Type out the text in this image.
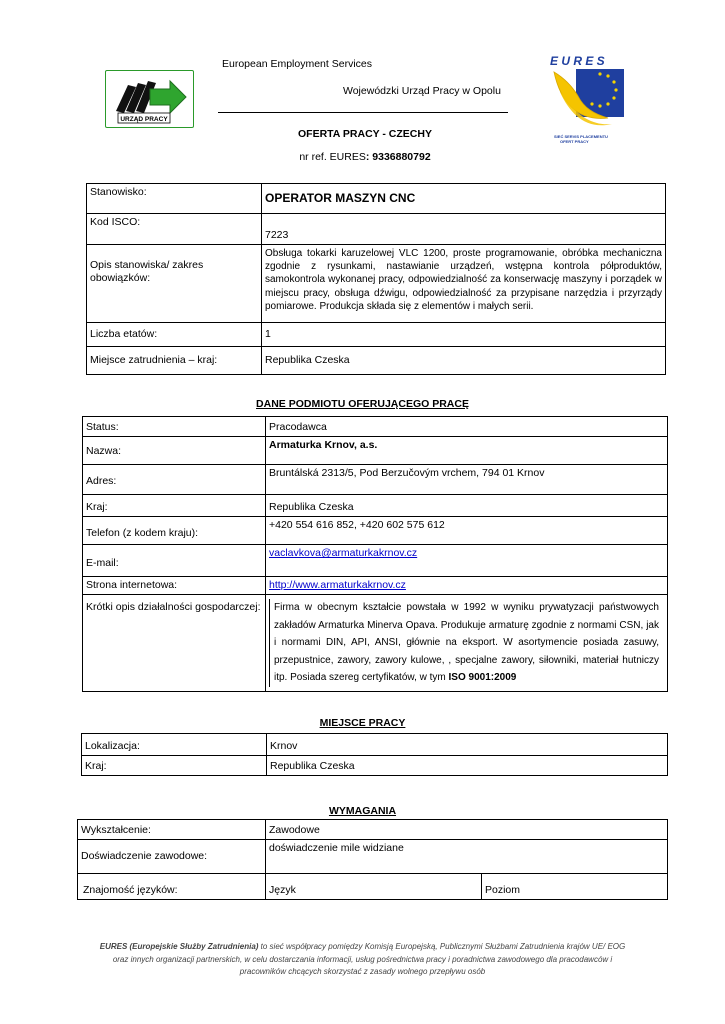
URZĄD PRACY
European Employment Services
Wojewódzki Urząd Pracy w Opolu
E U R E S
SIEĆ SERVIS PLACEMENTU
OFERT PRACY
OFERTA PRACY - CZECHY
nr ref. EURES: 9336880792
Stanowisko:	OPERATOR MASZYN CNC
Kod ISCO:	7223
Opis stanowiska/ zakres obowiązków:	Obsługa tokarki karuzelowej VLC 1200, proste programowanie, obróbka mechaniczna zgodnie z rysunkami, nastawianie urządzeń, wstępna kontrola półproduktów, samokontrola wykonanej pracy, odpowiedzialność za konserwację maszyny i porządek w miejscu pracy, obsługa dźwigu, odpowiedzialność za przypisane narzędzia i przyrządy pomiarowe. Produkcja składa się z elementów i małych serii.
Liczba etatów:	1
Miejsce zatrudnienia – kraj:	Republika Czeska
DANE PODMIOTU OFERUJĄCEGO PRACĘ
Status:	Pracodawca
Nazwa:	Armaturka Krnov, a.s.
Adres:	Bruntálská 2313/5, Pod Berzučovým vrchem, 794 01 Krnov
Kraj:	Republika Czeska
Telefon (z kodem kraju):	+420 554 616 852, +420 602 575 612
E-mail:	vaclavkova@armaturkakrnov.cz
Strona internetowa:	http://www.armaturkakrnov.cz
Krótki opis działalności gospodarczej:	Firma w obecnym kształcie powstała w 1992 w wyniku prywatyzacji państwowych zakładów Armaturka Minerva Opava. Produkuje armaturę zgodnie z normami CSN, jak i normami DIN, API, ANSI, głównie na eksport. W asortymencie posiada zasuwy, przepustnice, zawory, zawory kulowe, , specjalne zawory, siłowniki, materiał hutniczy itp. Posiada szereg certyfikatów, w tym ISO 9001:2009
MIEJSCE PRACY
Lokalizacja:	Krnov
Kraj:	Republika Czeska
WYMAGANIA
Wykształcenie:	Zawodowe	
Doświadczenie zawodowe:	doświadczenie mile widziane	

Znajomość języków:	Język	Poziom
EURES (Europejskie Służby Zatrudnienia) to sieć współpracy pomiędzy Komisją Europejską, Publicznymi Służbami Zatrudnienia krajów UE/ EOG
oraz innych organizacji partnerskich, w celu dostarczania informacji, usług pośrednictwa pracy i poradnictwa zawodowego dla pracodawców i
pracowników chcących skorzystać z zasady wolnego przepływu osób
